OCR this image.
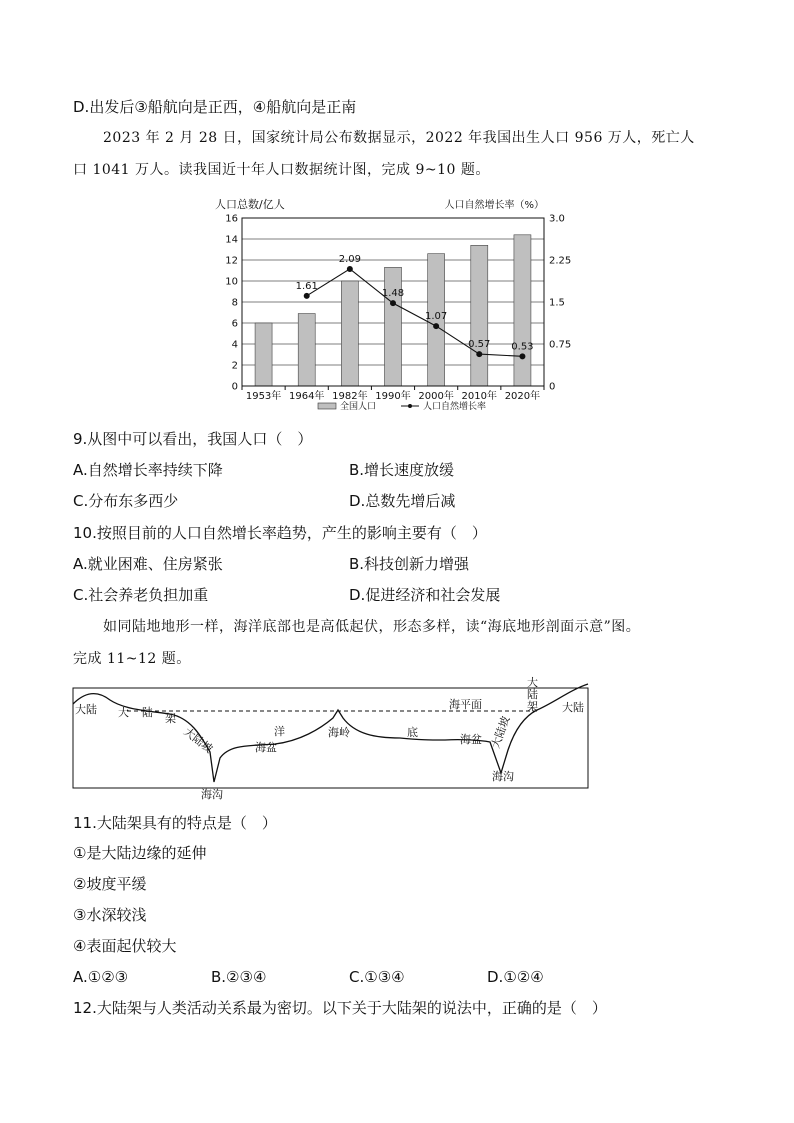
D.出发后③船航向是正西，④船航向是正南
2023 年 2 月 28 日，国家统计局公布数据显示，2022 年我国出生人口 956 万人，死亡人
口 1041 万人。读我国近十年人口数据统计图，完成 9~10 题。
人口总数/亿人	人口自然增长率（%）
1.61
2.09
1.48
1.07
0.57 0.53
0
2
4
6
8
10
12
14
16
0
0.75
1.5
2.25
3.0
1953年 1964年 1982年 1990年 2000年 2010年 2020年
全国人口	人口自然增长率
9.从图中可以看出，我国人口（　）
A.自然增长率持续下降	B.增长速度放缓
C.分布东多西少	D.总数先增后减
10.按照目前的人口自然增长率趋势，产生的影响主要有（　）
A.就业困难、住房紧张	B.科技创新力增强
C.社会养老负担加重	D.促进经济和社会发展
如同陆地地形一样，海洋底部也是高低起伏，形态多样，读“海底地形剖面示意”图。
完成 11~12 题。
大陆 大 陆 架
大陆坡
海沟
洋
海盆
海岭	底
海盆
海平面
大
陆
架
大陆坡
海沟
大陆
11.大陆架具有的特点是（　）
①是大陆边缘的延伸
②坡度平缓
③水深较浅
④表面起伏较大
A.①②③	B.②③④	C.①③④	D.①②④
12.大陆架与人类活动关系最为密切。以下关于大陆架的说法中，正确的是（　）
